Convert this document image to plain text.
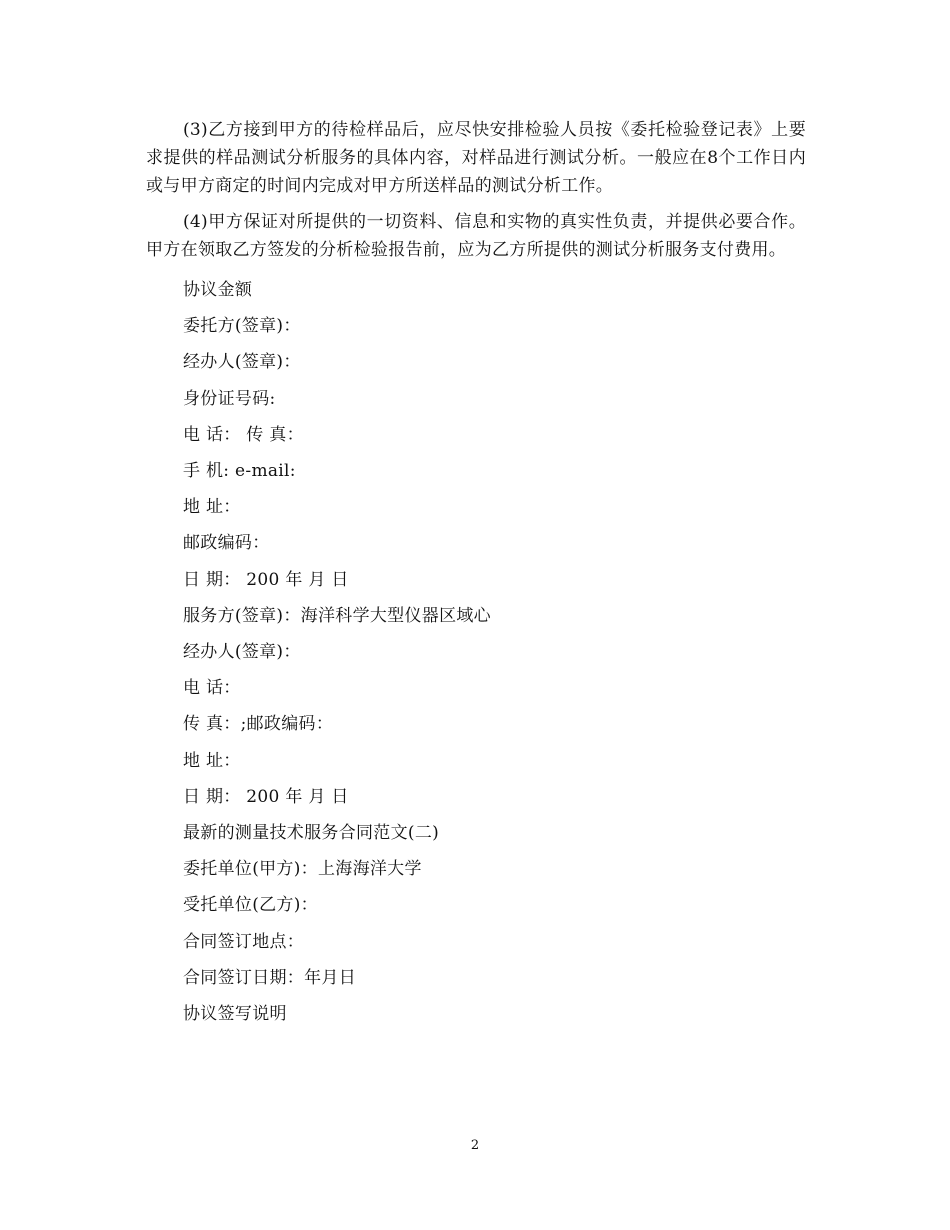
(3)乙方接到甲方的待检样品后，应尽快安排检验人员按《委托检验登记表》上要求提供的样品测试分析服务的具体内容，对样品进行测试分析。一般应在8个工作日内或与甲方商定的时间内完成对甲方所送样品的测试分析工作。

(4)甲方保证对所提供的一切资料、信息和实物的真实性负责，并提供必要合作。甲方在领取乙方签发的分析检验报告前，应为乙方所提供的测试分析服务支付费用。

协议金额

委托方(签章)：

经办人(签章)：

身份证号码:

电 话： 传 真：

手 机: e-mail:

地 址：

邮政编码：

日 期： 200 年 月 日

服务方(签章)：海洋科学大型仪器区域心

经办人(签章)：

电 话：

传 真：;邮政编码：

地 址：

日 期： 200 年 月 日

最新的测量技术服务合同范文(二)

委托单位(甲方)：上海海洋大学

受托单位(乙方)：

合同签订地点：

合同签订日期：年月日

协议签写说明

2
